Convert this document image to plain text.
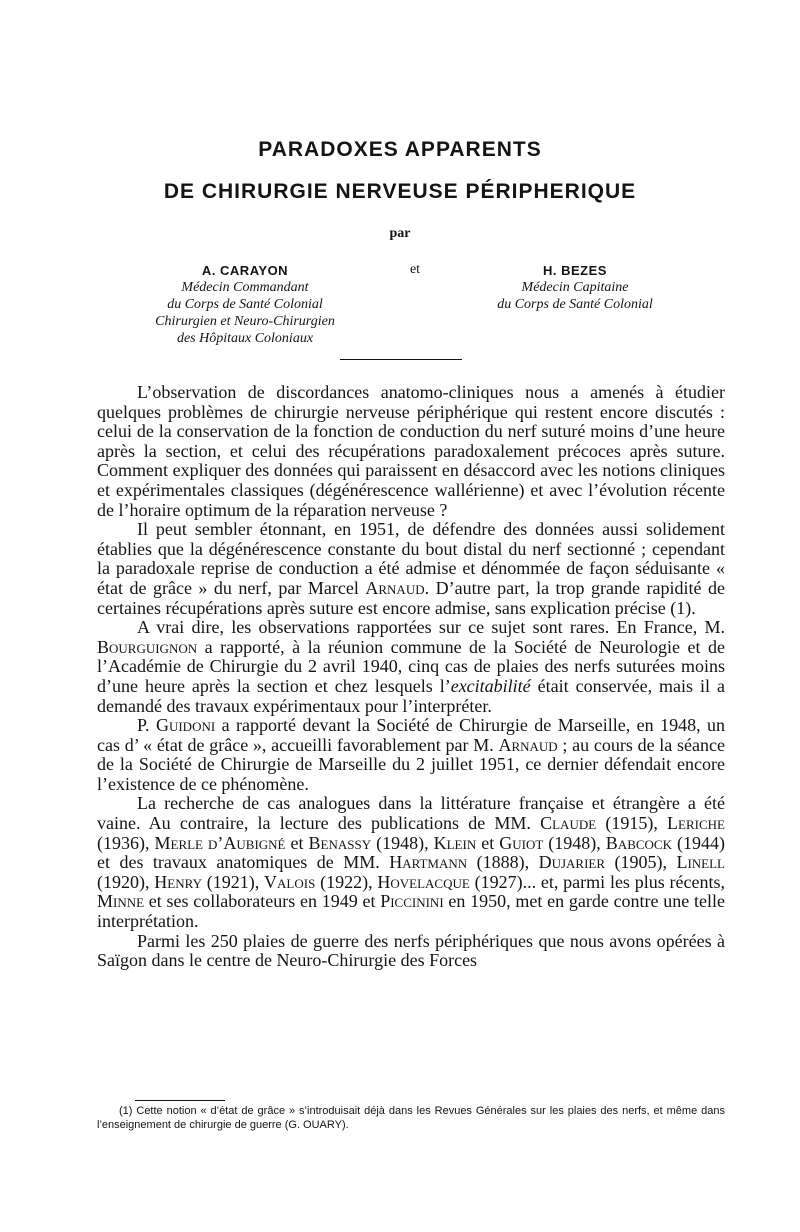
PARADOXES APPARENTS
DE CHIRURGIE NERVEUSE PÉRIPHERIQUE
par
A. CARAYON
Médecin Commandant
du Corps de Santé Colonial
Chirurgien et Neuro-Chirurgien
des Hôpitaux Coloniaux
et	H. BEZES
Médecin Capitaine
du Corps de Santé Colonial

L’observation de discordances anatomo-cliniques nous a amenés à étudier quelques problèmes de chirurgie nerveuse périphérique qui restent encore discutés : celui de la conservation de la fonction de conduction du nerf suturé moins d’une heure après la section, et celui des récupérations paradoxalement précoces après suture. Comment expliquer des données qui paraissent en désaccord avec les notions cliniques et expérimentales classiques (dégénérescence wallérienne) et avec l’évolution récente de l’horaire optimum de la réparation nerveuse ?

Il peut sembler étonnant, en 1951, de défendre des données aussi solidement établies que la dégénérescence constante du bout distal du nerf sectionné ; cependant la paradoxale reprise de conduction a été admise et dénommée de façon séduisante « état de grâce » du nerf, par Marcel Arnaud. D’autre part, la trop grande rapidité de certaines récupérations après suture est encore admise, sans explication précise (1).

A vrai dire, les observations rapportées sur ce sujet sont rares. En France, M. Bourguignon a rapporté, à la réunion commune de la Société de Neurologie et de l’Académie de Chirurgie du 2 avril 1940, cinq cas de plaies des nerfs suturées moins d’une heure après la section et chez lesquels l’excitabilité était conservée, mais il a demandé des travaux expérimentaux pour l’interpréter.

P. Guidoni a rapporté devant la Société de Chirurgie de Marseille, en 1948, un cas d’ « état de grâce », accueilli favorablement par M. Arnaud ; au cours de la séance de la Société de Chirurgie de Marseille du 2 juillet 1951, ce dernier défendait encore l’existence de ce phénomène.

La recherche de cas analogues dans la littérature française et étrangère a été vaine. Au contraire, la lecture des publications de MM. Claude (1915), Leriche (1936), Merle d’Aubigné et Benassy (1948), Klein et Guiot (1948), Babcock (1944) et des travaux anatomiques de MM. Hartmann (1888), Dujarier (1905), Linell (1920), Henry (1921), Valois (1922), Hovelacque (1927)... et, parmi les plus récents, Minne et ses collaborateurs en 1949 et Piccinini en 1950, met en garde contre une telle interprétation.

Parmi les 250 plaies de guerre des nerfs périphériques que nous avons opérées à Saïgon dans le centre de Neuro-Chirurgie des Forces

(1) Cette notion « d’état de grâce » s’introduisait déjà dans les Revues Générales sur les plaies des nerfs, et même dans l’enseignement de chirurgie de guerre (G. OUARY).
